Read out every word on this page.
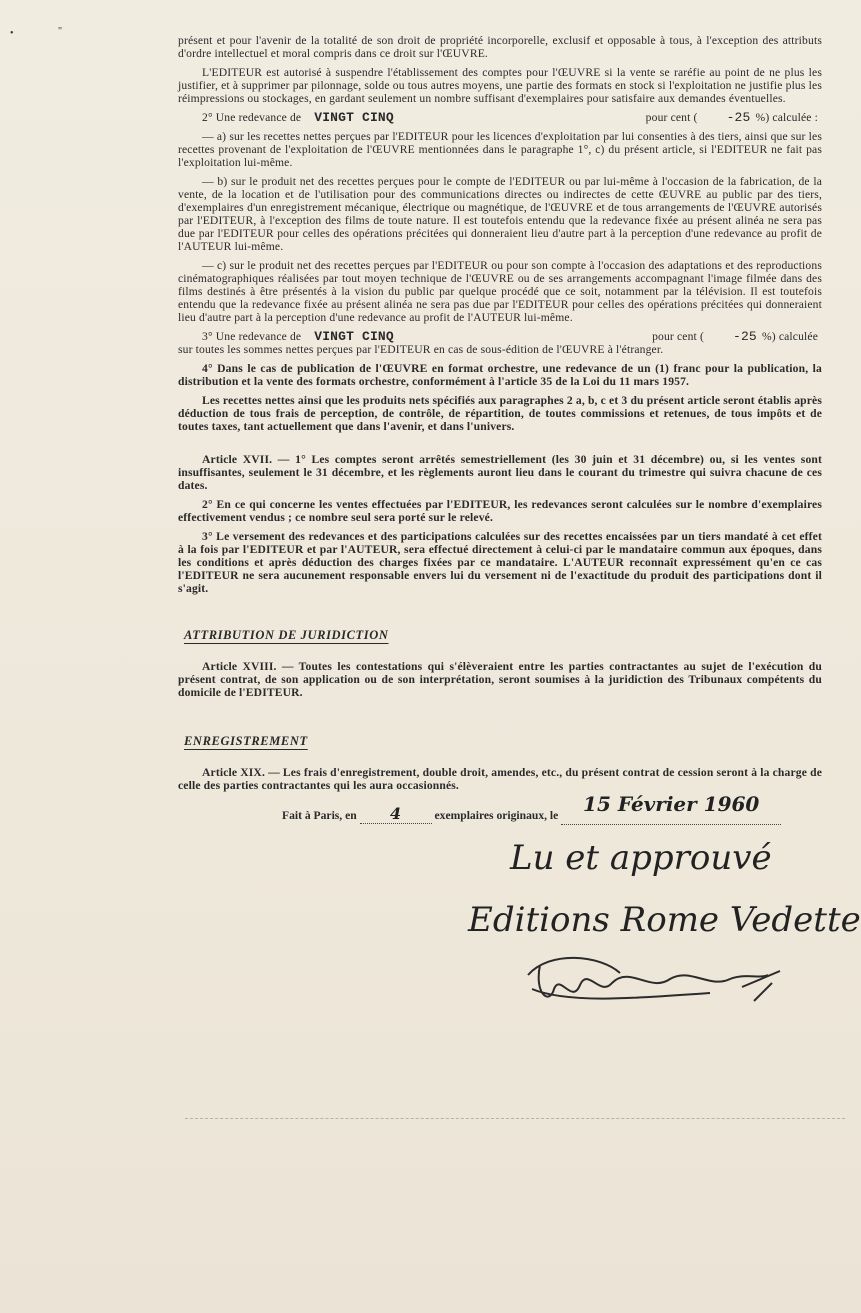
•	"

présent et pour l'avenir de la totalité de son droit de propriété incorporelle, exclusif et opposable à tous, à l'exception des attributs d'ordre intellectuel et moral compris dans ce droit sur l'ŒUVRE.

L'EDITEUR est autorisé à suspendre l'établissement des comptes pour l'ŒUVRE si la vente se raréfie au point de ne plus les justifier, et à supprimer par pilonnage, solde ou tous autres moyens, une partie des formats en stock si l'exploitation ne justifie plus les réimpressions ou stockages, en gardant seulement un nombre suffisant d'exemplaires pour satisfaire aux demandes éventuelles.

2° Une redevance de VINGT CINQ	pour cent ( -25 %) calculée :

— a) sur les recettes nettes perçues par l'EDITEUR pour les licences d'exploitation par lui consenties à des tiers, ainsi que sur les recettes provenant de l'exploitation de l'ŒUVRE mentionnées dans le paragraphe 1°, c) du présent article, si l'EDITEUR ne fait pas l'exploitation lui-même.

— b) sur le produit net des recettes perçues pour le compte de l'EDITEUR ou par lui-même à l'occasion de la fabrication, de la vente, de la location et de l'utilisation pour des communications directes ou indirectes de cette ŒUVRE au public par des tiers, d'exemplaires d'un enregistrement mécanique, électrique ou magnétique, de l'ŒUVRE et de tous arrangements de l'ŒUVRE autorisés par l'EDITEUR, à l'exception des films de toute nature. Il est toutefois entendu que la redevance fixée au présent alinéa ne sera pas due par l'EDITEUR pour celles des opérations précitées qui donneraient lieu d'autre part à la perception d'une redevance au profit de l'AUTEUR lui-même.

— c) sur le produit net des recettes perçues par l'EDITEUR ou pour son compte à l'occasion des adaptations et des reproductions cinématographiques réalisées par tout moyen technique de l'ŒUVRE ou de ses arrangements accompagnant l'image filmée dans des films destinés à être présentés à la vision du public par quelque procédé que ce soit, notamment par la télévision. Il est toutefois entendu que la redevance fixée au présent alinéa ne sera pas due par l'EDITEUR pour celles des opérations précitées qui donneraient lieu d'autre part à la perception d'une redevance au profit de l'AUTEUR lui-même.

3° Une redevance de VINGT CINQ	pour cent ( -25 %) calculée

sur toutes les sommes nettes perçues par l'EDITEUR en cas de sous-édition de l'ŒUVRE à l'étranger.

4° Dans le cas de publication de l'ŒUVRE en format orchestre, une redevance de un (1) franc pour la publication, la distribution et la vente des formats orchestre, conformément à l'article 35 de la Loi du 11 mars 1957.

Les recettes nettes ainsi que les produits nets spécifiés aux paragraphes 2 a, b, c et 3 du présent article seront établis après déduction de tous frais de perception, de contrôle, de répartition, de toutes commissions et retenues, de tous impôts et de toutes taxes, tant actuellement que dans l'avenir, et dans l'univers.

Article XVII. — 1° Les comptes seront arrêtés semestriellement (les 30 juin et 31 décembre) ou, si les ventes sont insuffisantes, seulement le 31 décembre, et les règlements auront lieu dans le courant du trimestre qui suivra chacune de ces dates.

2° En ce qui concerne les ventes effectuées par l'EDITEUR, les redevances seront calculées sur le nombre d'exemplaires effectivement vendus ; ce nombre seul sera porté sur le relevé.

3° Le versement des redevances et des participations calculées sur des recettes encaissées par un tiers mandaté à cet effet à la fois par l'EDITEUR et par l'AUTEUR, sera effectué directement à celui-ci par le mandataire commun aux époques, dans les conditions et après déduction des charges fixées par ce mandataire. L'AUTEUR reconnaît expressément qu'en ce cas l'EDITEUR ne sera aucunement responsable envers lui du versement ni de l'exactitude du produit des participations dont il s'agit.

ATTRIBUTION DE JURIDICTION

Article XVIII. — Toutes les contestations qui s'élèveraient entre les parties contractantes au sujet de l'exécution du présent contrat, de son application ou de son interprétation, seront soumises à la juridiction des Tribunaux compétents du domicile de l'EDITEUR.

ENREGISTREMENT

Article XIX. — Les frais d'enregistrement, double droit, amendes, etc., du présent contrat de cession seront à la charge de celle des parties contractantes qui les aura occasionnés.

Fait à Paris, en 4	exemplaires originaux, le 15 Février 1960
Lu et approuvé
Editions Rome Vedette
